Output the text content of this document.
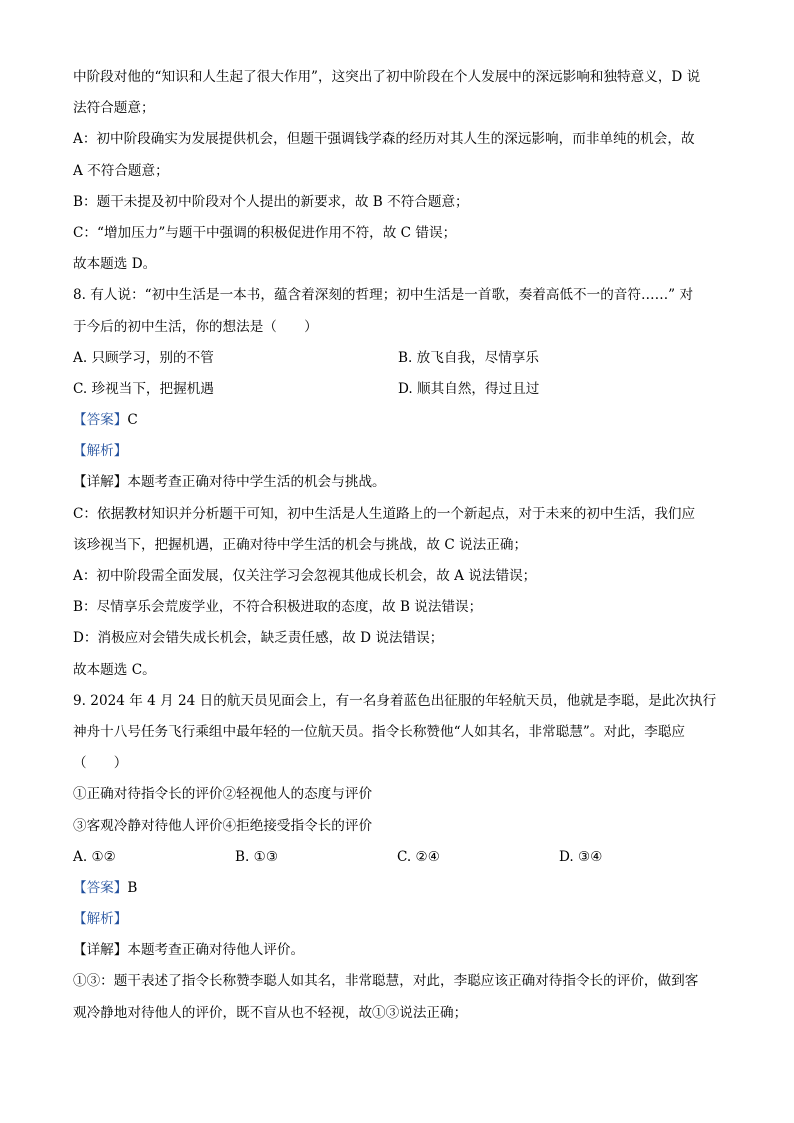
中阶段对他的“知识和人生起了很大作用”，这突出了初中阶段在个人发展中的深远影响和独特意义，D 说
法符合题意；
A：初中阶段确实为发展提供机会，但题干强调钱学森的经历对其人生的深远影响，而非单纯的机会，故
A 不符合题意；
B：题干未提及初中阶段对个人提出的新要求，故 B 不符合题意；
C：“增加压力”与题干中强调的积极促进作用不符，故 C 错误；
故本题选 D。
8. 有人说：“初中生活是一本书，蕴含着深刻的哲理；初中生活是一首歌，奏着高低不一的音符……” 对
于今后的初中生活，你的想法是（　　）
A. 只顾学习，别的不管	B. 放飞自我，尽情享乐
C. 珍视当下，把握机遇	D. 顺其自然，得过且过
【答案】C
【解析】
【详解】本题考查正确对待中学生活的机会与挑战。
C：依据教材知识并分析题干可知，初中生活是人生道路上的一个新起点，对于未来的初中生活，我们应
该珍视当下，把握机遇，正确对待中学生活的机会与挑战，故 C 说法正确；
A：初中阶段需全面发展，仅关注学习会忽视其他成长机会，故 A 说法错误；
B：尽情享乐会荒废学业，不符合积极进取的态度，故 B 说法错误；
D：消极应对会错失成长机会，缺乏责任感，故 D 说法错误；
故本题选 C。
9. 2024 年 4 月 24 日的航天员见面会上，有一名身着蓝色出征服的年轻航天员，他就是李聪，是此次执行
神舟十八号任务飞行乘组中最年轻的一位航天员。指令长称赞他“人如其名，非常聪慧”。对此，李聪应
（　　）
①正确对待指令长的评价②轻视他人的态度与评价
③客观冷静对待他人评价④拒绝接受指令长的评价
A. ①②	B. ①③	C. ②④	D. ③④
【答案】B
【解析】
【详解】本题考查正确对待他人评价。
①③：题干表述了指令长称赞李聪人如其名，非常聪慧，对此，李聪应该正确对待指令长的评价，做到客
观冷静地对待他人的评价，既不盲从也不轻视，故①③说法正确；
